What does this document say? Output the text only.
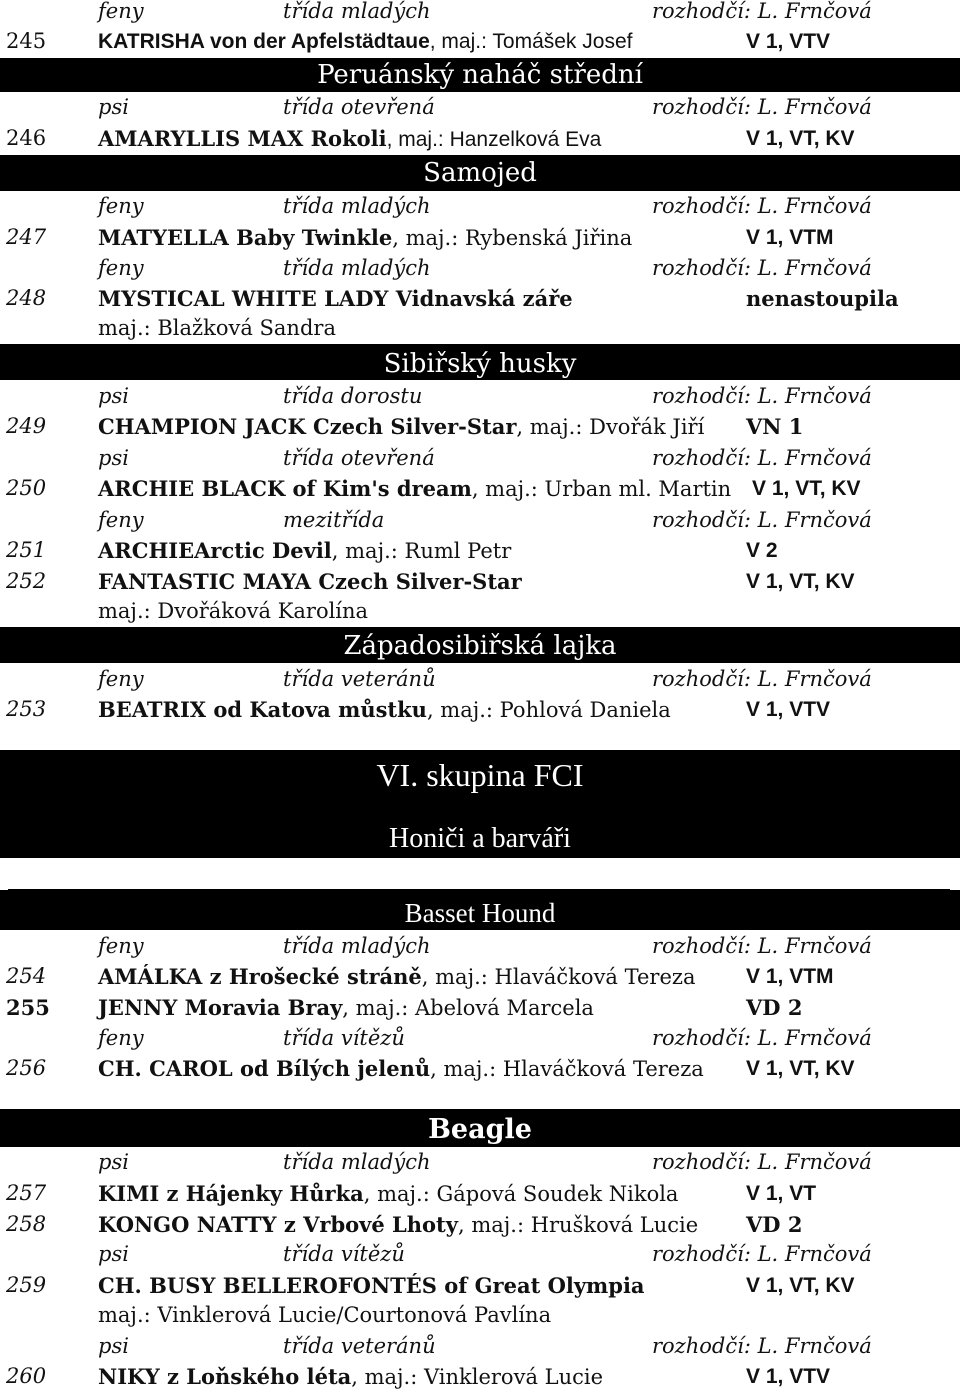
feny	třída mladých	rozhodčí: L. Frnčová
245 KATRISHA von der Apfelstädtaue, maj.: Tomášek Josef	V 1, VTV
Peruánský naháč střední
psi	třída otevřená	rozhodčí: L. Frnčová
246 AMARYLLIS MAX Rokoli, maj.: Hanzelková Eva	V 1, VT, KV
Samojed
feny	třída mladých	rozhodčí: L. Frnčová
247 MATYELLA Baby Twinkle, maj.: Rybenská Jiřina	V 1, VTM
feny	třída mladých	rozhodčí: L. Frnčová
248 MYSTICAL WHITE LADY Vidnavská záře	nenastoupila
maj.: Blažková Sandra
Sibiřský husky
psi	třída dorostu	rozhodčí: L. Frnčová
249 CHAMPION JACK Czech Silver-Star, maj.: Dvořák Jiří VN 1
psi	třída otevřená	rozhodčí: L. Frnčová
250 ARCHIE BLACK of Kim's dream, maj.: Urban ml. Martin V 1, VT, KV
feny	mezitřída	rozhodčí: L. Frnčová
251 ARCHIEArctic Devil, maj.: Ruml Petr	V 2
252 FANTASTIC MAYA Czech Silver-Star	V 1, VT, KV
maj.: Dvořáková Karolína
Západosibiřská lajka
feny	třída veteránů	rozhodčí: L. Frnčová
253 BEATRIX od Katova můstku, maj.: Pohlová Daniela	V 1, VTV
VI. skupina FCI
Honiči a barváři
Basset Hound
feny	třída mladých	rozhodčí: L. Frnčová
254 AMÁLKA z Hrošecké stráně, maj.: Hlaváčková Tereza V 1, VTM
255 JENNY Moravia Bray, maj.: Abelová Marcela	VD 2
feny	třída vítězů	rozhodčí: L. Frnčová
256 CH. CAROL od Bílých jelenů, maj.: Hlaváčková Tereza V 1, VT, KV
Beagle
psi	třída mladých	rozhodčí: L. Frnčová
257 KIMI z Hájenky Hůrka, maj.: Gápová Soudek Nikola	V 1, VT
258 KONGO NATTY z Vrbové Lhoty, maj.: Hrušková Lucie VD 2
psi	třída vítězů	rozhodčí: L. Frnčová
259 CH. BUSY BELLEROFONTÉS of Great Olympia	V 1, VT, KV
maj.: Vinklerová Lucie/Courtonová Pavlína
psi	třída veteránů	rozhodčí: L. Frnčová
260 NIKY z Loňského léta, maj.: Vinklerová Lucie	V 1, VTV
